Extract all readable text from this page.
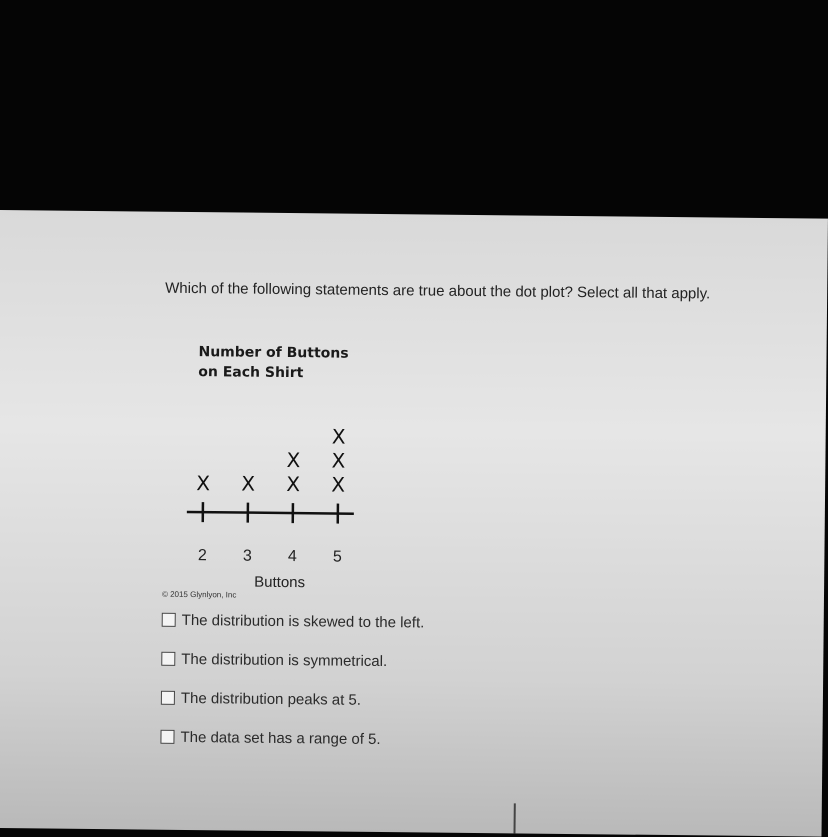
Which of the following statements are true about the dot plot? Select all that apply.
Number of Buttons
on Each Shirt
2
X
3
X
4
X
X
5
X
X
X
Buttons
© 2015 Glynlyon, Inc
The distribution is skewed to the left.
The distribution is symmetrical.
The distribution peaks at 5.
The data set has a range of 5.
